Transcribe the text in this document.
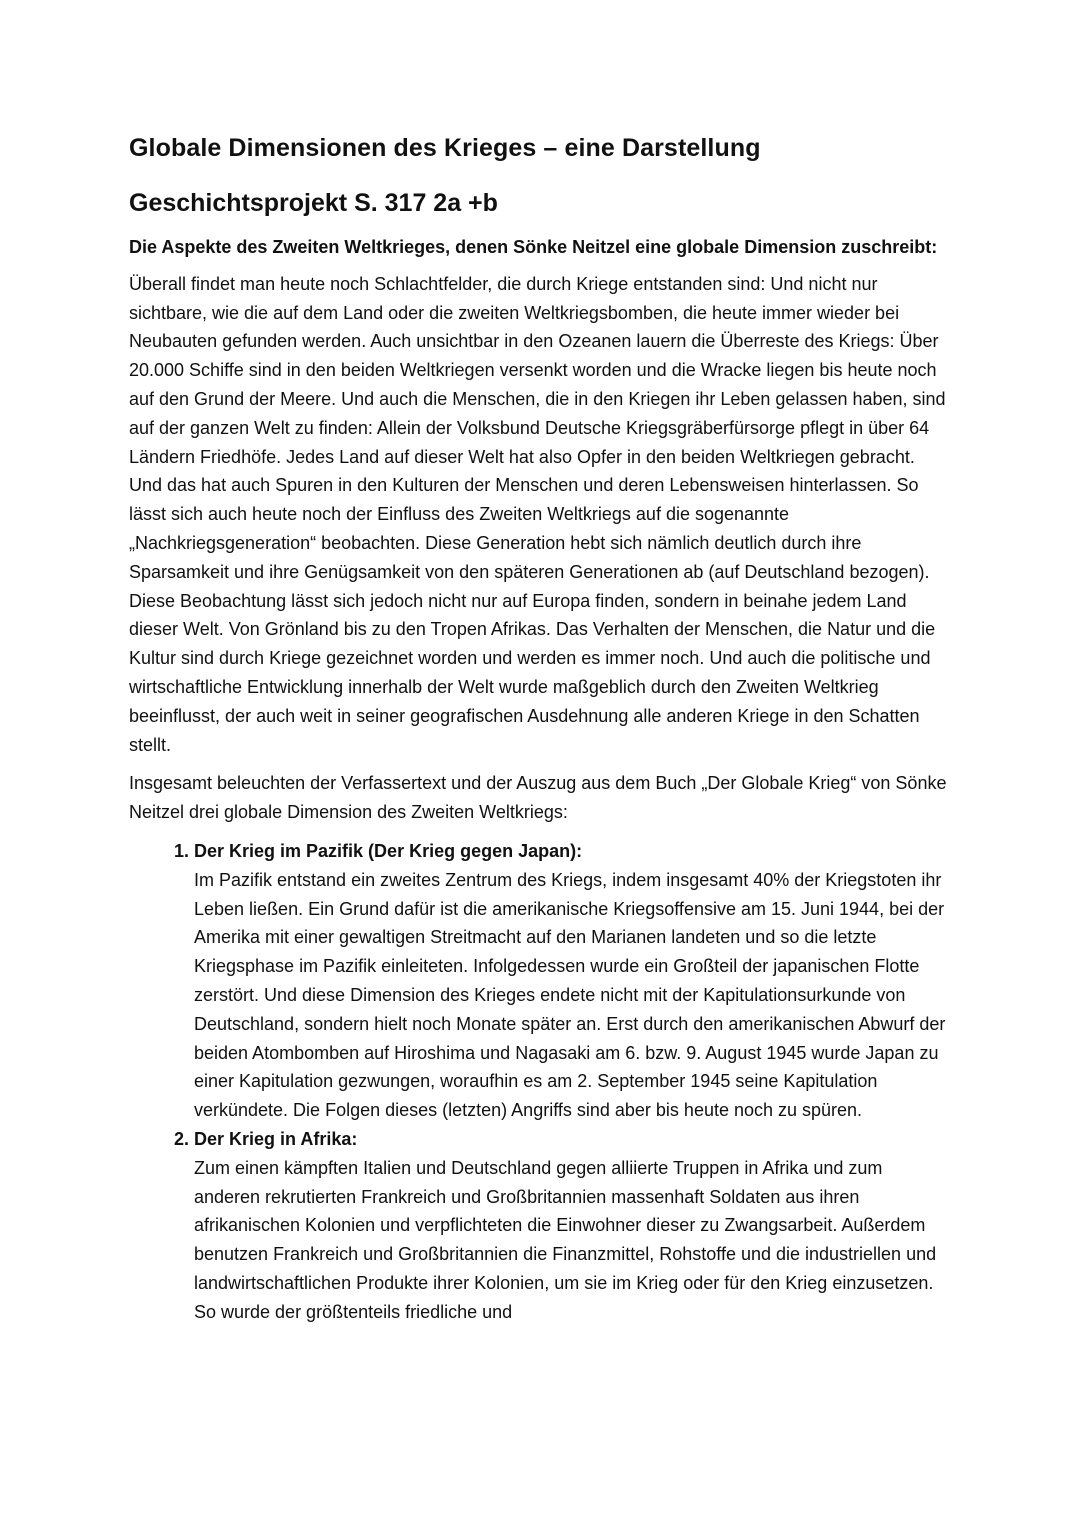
Globale Dimensionen des Krieges – eine Darstellung
Geschichtsprojekt S. 317 2a +b
Die Aspekte des Zweiten Weltkrieges, denen Sönke Neitzel eine globale Dimension zuschreibt:

Überall findet man heute noch Schlachtfelder, die durch Kriege entstanden sind: Und nicht nur sichtbare, wie die auf dem Land oder die zweiten Weltkriegsbomben, die heute immer wieder bei Neubauten gefunden werden. Auch unsichtbar in den Ozeanen lauern die Überreste des Kriegs: Über 20.000 Schiffe sind in den beiden Weltkriegen versenkt worden und die Wracke liegen bis heute noch auf den Grund der Meere. Und auch die Menschen, die in den Kriegen ihr Leben gelassen haben, sind auf der ganzen Welt zu finden: Allein der Volksbund Deutsche Kriegsgräberfürsorge pflegt in über 64 Ländern Friedhöfe. Jedes Land auf dieser Welt hat also Opfer in den beiden Weltkriegen gebracht. Und das hat auch Spuren in den Kulturen der Menschen und deren Lebensweisen hinterlassen. So lässt sich auch heute noch der Einfluss des Zweiten Weltkriegs auf die sogenannte „Nachkriegsgeneration“ beobachten. Diese Generation hebt sich nämlich deutlich durch ihre Sparsamkeit und ihre Genügsamkeit von den späteren Generationen ab (auf Deutschland bezogen). Diese Beobachtung lässt sich jedoch nicht nur auf Europa finden, sondern in beinahe jedem Land dieser Welt. Von Grönland bis zu den Tropen Afrikas. Das Verhalten der Menschen, die Natur und die Kultur sind durch Kriege gezeichnet worden und werden es immer noch. Und auch die politische und wirtschaftliche Entwicklung innerhalb der Welt wurde maßgeblich durch den Zweiten Weltkrieg beeinflusst, der auch weit in seiner geografischen Ausdehnung alle anderen Kriege in den Schatten stellt.

Insgesamt beleuchten der Verfassertext und der Auszug aus dem Buch „Der Globale Krieg“ von Sönke Neitzel drei globale Dimension des Zweiten Weltkriegs:

1. Der Krieg im Pazifik (Der Krieg gegen Japan):
Im Pazifik entstand ein zweites Zentrum des Kriegs, indem insgesamt 40% der Kriegstoten ihr Leben ließen. Ein Grund dafür ist die amerikanische Kriegsoffensive am 15. Juni 1944, bei der Amerika mit einer gewaltigen Streitmacht auf den Marianen landeten und so die letzte Kriegsphase im Pazifik einleiteten. Infolgedessen wurde ein Großteil der japanischen Flotte zerstört. Und diese Dimension des Krieges endete nicht mit der Kapitulationsurkunde von Deutschland, sondern hielt noch Monate später an. Erst durch den amerikanischen Abwurf der beiden Atombomben auf Hiroshima und Nagasaki am 6. bzw. 9. August 1945 wurde Japan zu einer Kapitulation gezwungen, woraufhin es am 2. September 1945 seine Kapitulation verkündete. Die Folgen dieses (letzten) Angriffs sind aber bis heute noch zu spüren.
2. Der Krieg in Afrika:
Zum einen kämpften Italien und Deutschland gegen alliierte Truppen in Afrika und zum anderen rekrutierten Frankreich und Großbritannien massenhaft Soldaten aus ihren afrikanischen Kolonien und verpflichteten die Einwohner dieser zu Zwangsarbeit. Außerdem benutzen Frankreich und Großbritannien die Finanzmittel, Rohstoffe und die industriellen und landwirtschaftlichen Produkte ihrer Kolonien, um sie im Krieg oder für den Krieg einzusetzen. So wurde der größtenteils friedliche und
